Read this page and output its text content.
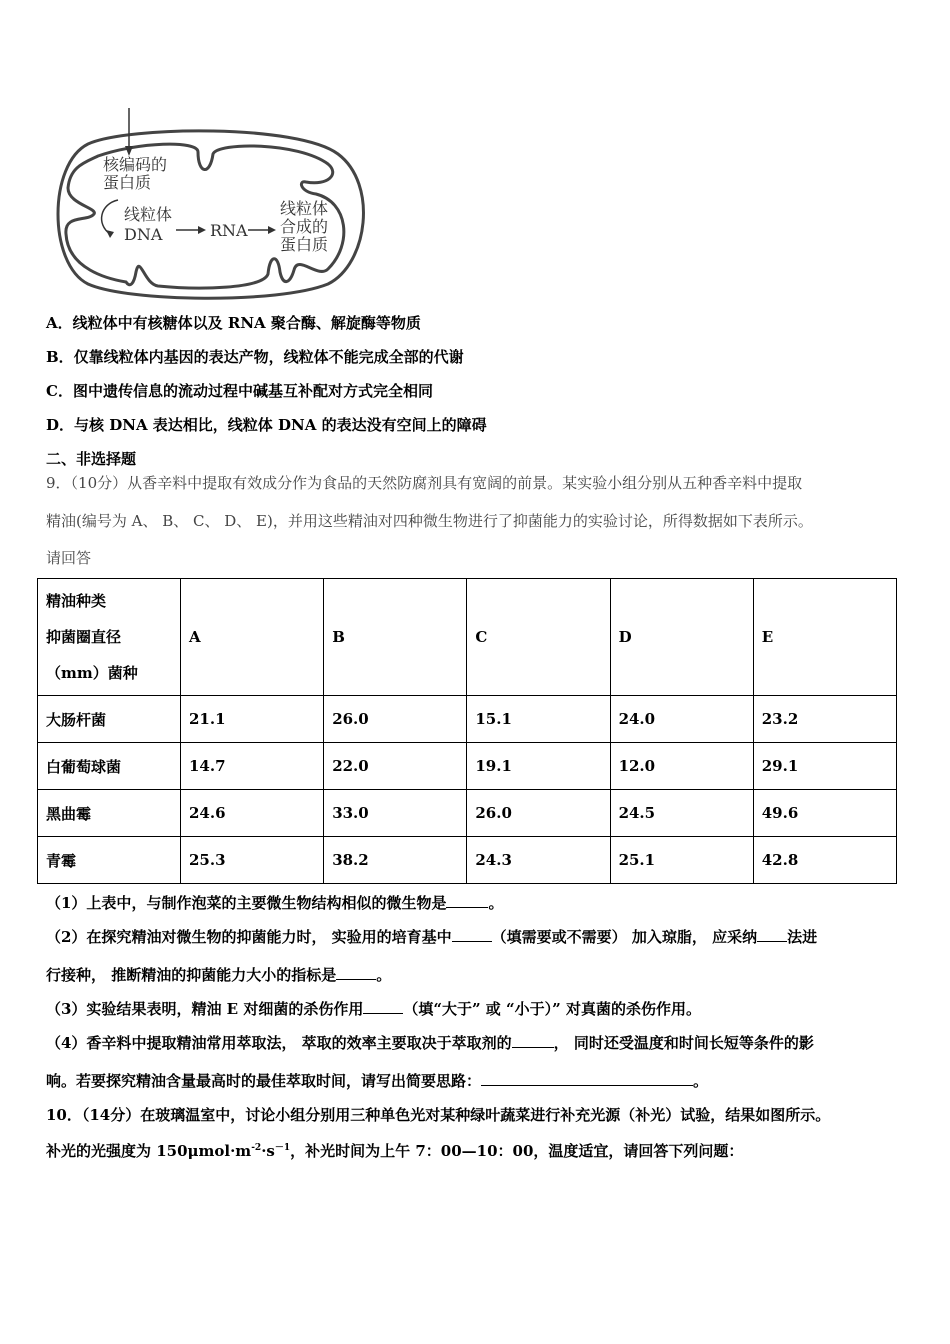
核编码的
蛋白质
线粒体
DNA	RNA
线粒体
合成的
蛋白质
A．线粒体中有核糖体以及 RNA 聚合酶、解旋酶等物质
B．仅靠线粒体内基因的表达产物，线粒体不能完成全部的代谢
C．图中遗传信息的流动过程中碱基互补配对方式完全相同
D．与核 DNA 表达相比，线粒体 DNA 的表达没有空间上的障碍
二、非选择题
9．（10分）从香辛料中提取有效成分作为食品的天然防腐剂具有宽阔的前景。某实验小组分别从五种香辛料中提取
精油(编号为 A、 B、 C、 D、 E)，并用这些精油对四种微生物进行了抑菌能力的实验讨论，所得数据如下表所示。
请回答
精油种类
抑菌圈直径
（mm）菌种	A	B	C	D	E
大肠杆菌	21.1	26.0	15.1	24.0	23.2
白葡萄球菌	14.7	22.0	19.1	12.0	29.1
黑曲霉	24.6	33.0	26.0	24.5	49.6
青霉	25.3	38.2	24.3	25.1	42.8
（1）上表中，与制作泡菜的主要微生物结构相似的微生物是	。
（2）在探究精油对微生物的抑菌能力时， 实验用的培育基中	（填需要或不需要） 加入琼脂， 应采纳 法进
行接种， 推断精油的抑菌能力大小的指标是	。
（3）实验结果表明，精油 E 对细菌的杀伤作用	（填“大于” 或 “小于）” 对真菌的杀伤作用。
（4）香辛料中提取精油常用萃取法， 萃取的效率主要取决于萃取剂的	， 同时还受温度和时间长短等条件的影
响。若要探究精油含量最高时的最佳萃取时间，请写出简要思路：	。
10．（14分）在玻璃温室中，讨论小组分别用三种单色光对某种绿叶蔬菜进行补充光源（补光）试验，结果如图所示。
补光的光强度为 $150\mu mol\cdot m^{-2}\cdot s^{-1}$，补光时间为上午 7：00—10：00，温度适宜，请回答下列问题：
